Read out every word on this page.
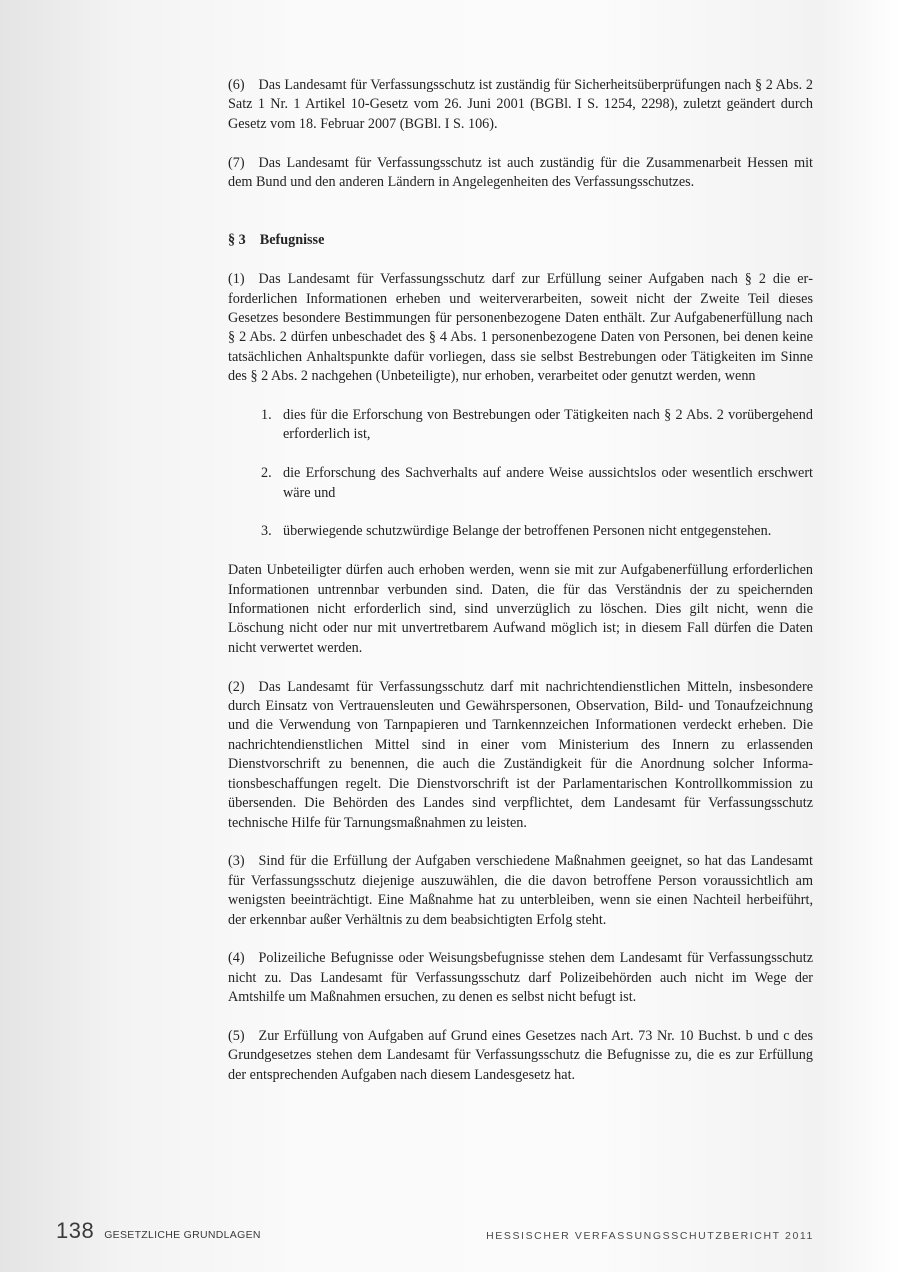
(6) Das Landesamt für Verfassungsschutz ist zuständig für Sicherheitsüberprüfungen nach § 2 Abs. 2 Satz 1 Nr. 1 Artikel 10-Gesetz vom 26. Juni 2001 (BGBl. I S. 1254, 2298), zuletzt geändert durch Gesetz vom 18. Februar 2007 (BGBl. I S. 106).

(7) Das Landesamt für Verfassungsschutz ist auch zuständig für die Zusammenarbeit Hessen mit dem Bund und den anderen Ländern in Angelegenheiten des Verfassungsschutzes.

§ 3 Befugnisse

(1) Das Landesamt für Verfassungsschutz darf zur Erfüllung seiner Aufgaben nach § 2 die erforderlichen Informationen erheben und weiterverarbeiten, soweit nicht der Zweite Teil dieses Gesetzes besondere Bestimmungen für personenbezogene Daten enthält. Zur Aufgabenerfüllung nach § 2 Abs. 2 dürfen unbeschadet des § 4 Abs. 1 personenbezogene Daten von Personen, bei denen keine tatsächlichen Anhaltspunkte dafür vorliegen, dass sie selbst Bestrebungen oder Tätigkeiten im Sinne des § 2 Abs. 2 nachgehen (Unbeteiligte), nur erhoben, verarbeitet oder genutzt werden, wenn

1. dies für die Erforschung von Bestrebungen oder Tätigkeiten nach § 2 Abs. 2 vorübergehend erforderlich ist,
2. die Erforschung des Sachverhalts auf andere Weise aussichtslos oder wesentlich erschwert wäre und
3. überwiegende schutzwürdige Belange der betroffenen Personen nicht entgegenstehen.

Daten Unbeteiligter dürfen auch erhoben werden, wenn sie mit zur Aufgabenerfüllung erforderlichen Informationen untrennbar verbunden sind. Daten, die für das Verständnis der zu speichernden Informationen nicht erforderlich sind, sind unverzüglich zu löschen. Dies gilt nicht, wenn die Löschung nicht oder nur mit unvertretbarem Aufwand möglich ist; in diesem Fall dürfen die Daten nicht verwertet werden.

(2) Das Landesamt für Verfassungsschutz darf mit nachrichtendienstlichen Mitteln, insbesondere durch Einsatz von Vertrauensleuten und Gewährspersonen, Observation, Bild- und Tonaufzeichnung und die Verwendung von Tarnpapieren und Tarnkennzeichen Informationen verdeckt erheben. Die nachrichtendienstlichen Mittel sind in einer vom Ministerium des Innern zu erlassenden Dienstvorschrift zu benennen, die auch die Zuständigkeit für die Anordnung solcher Informationsbeschaffungen regelt. Die Dienstvorschrift ist der Parlamentarischen Kontrollkommission zu übersenden. Die Behörden des Landes sind verpflichtet, dem Landesamt für Verfassungsschutz technische Hilfe für Tarnungsmaßnahmen zu leisten.

(3) Sind für die Erfüllung der Aufgaben verschiedene Maßnahmen geeignet, so hat das Landesamt für Verfassungsschutz diejenige auszuwählen, die die davon betroffene Person voraussichtlich am wenigsten beeinträchtigt. Eine Maßnahme hat zu unterbleiben, wenn sie einen Nachteil herbeiführt, der erkennbar außer Verhältnis zu dem beabsichtigten Erfolg steht.

(4) Polizeiliche Befugnisse oder Weisungsbefugnisse stehen dem Landesamt für Verfassungsschutz nicht zu. Das Landesamt für Verfassungsschutz darf Polizeibehörden auch nicht im Wege der Amtshilfe um Maßnahmen ersuchen, zu denen es selbst nicht befugt ist.

(5) Zur Erfüllung von Aufgaben auf Grund eines Gesetzes nach Art. 73 Nr. 10 Buchst. b und c des Grundgesetzes stehen dem Landesamt für Verfassungsschutz die Befugnisse zu, die es zur Erfüllung der entsprechenden Aufgaben nach diesem Landesgesetz hat.

138 GESETZLICHE GRUNDLAGEN	HESSISCHER VERFASSUNGSSCHUTZBERICHT 2011
